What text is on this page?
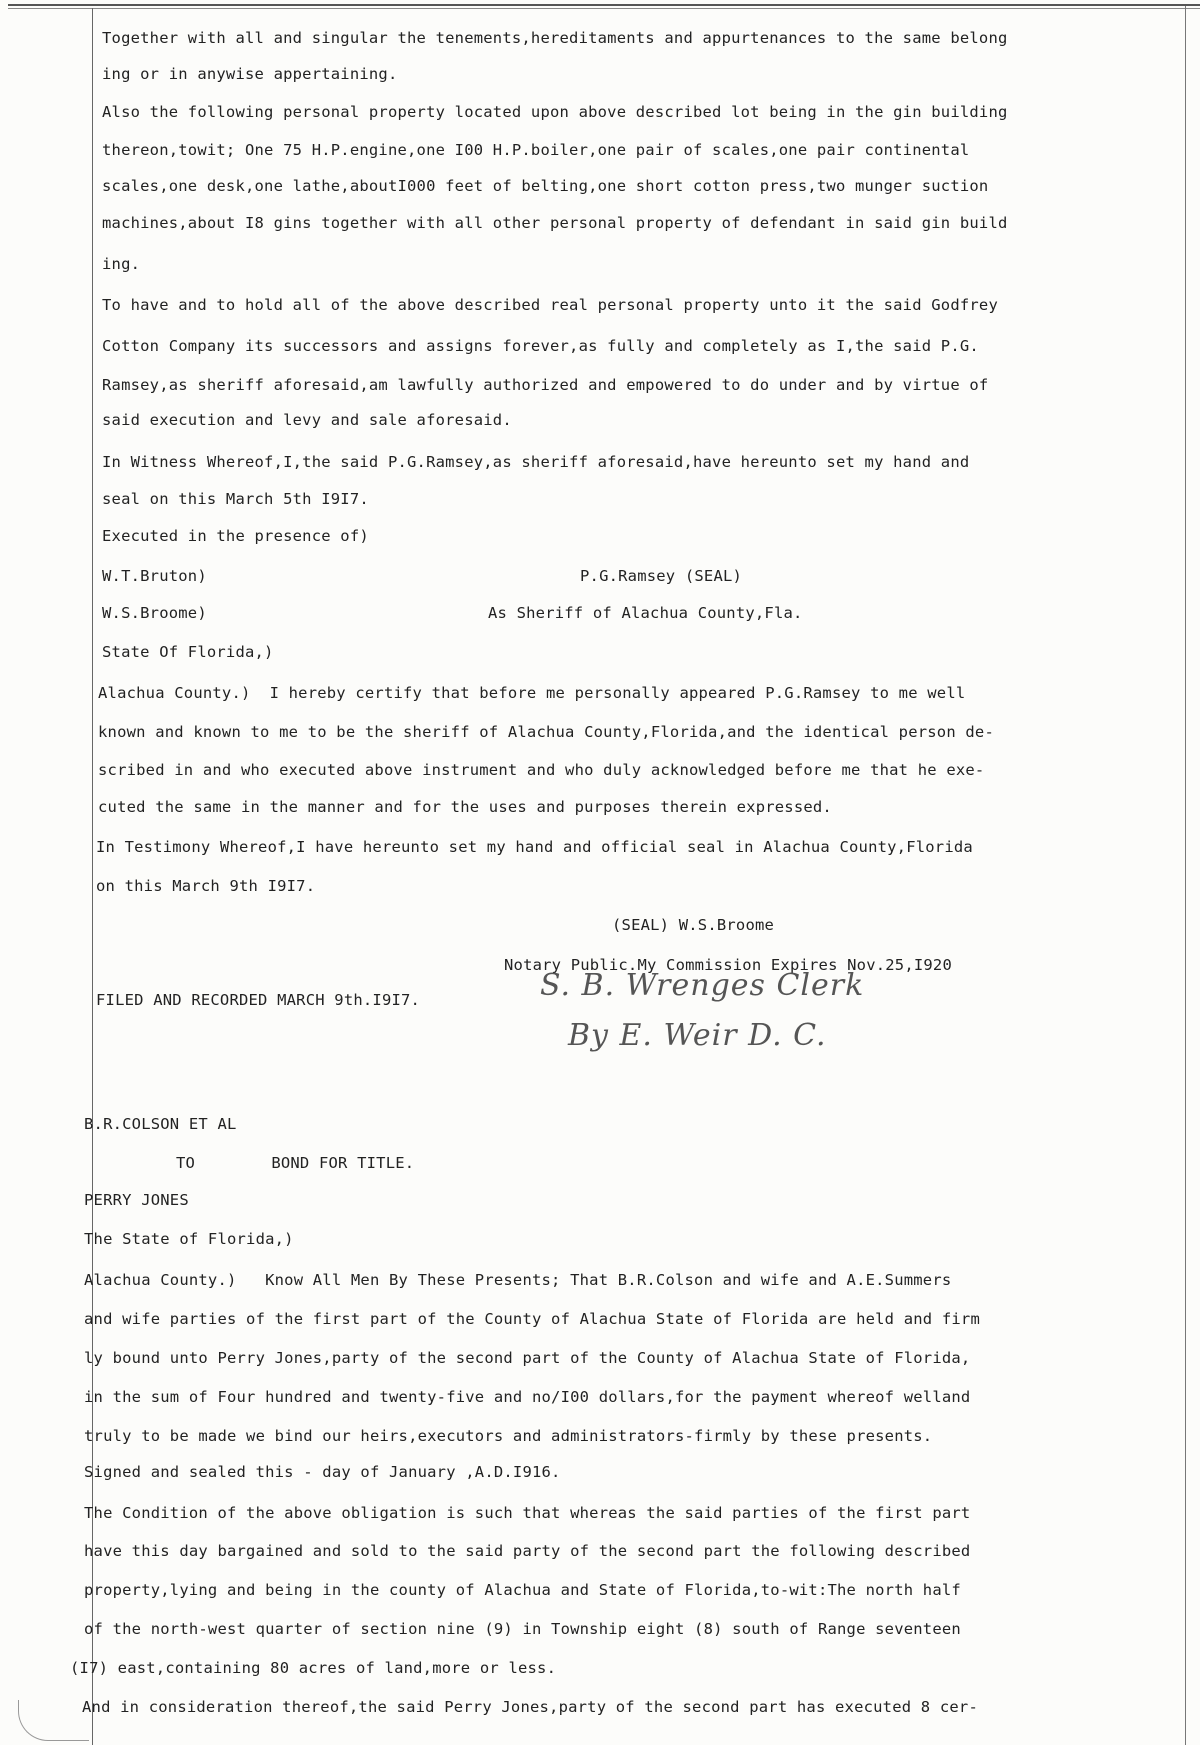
Together with all and singular the tenements,hereditaments and appurtenances to the same belong
ing or in anywise appertaining.
Also the following personal property located upon above described lot being in the gin building
thereon,towit; One 75 H.P.engine,one I00 H.P.boiler,one pair of scales,one pair continental
scales,one desk,one lathe,aboutI000 feet of belting,one short cotton press,two munger suction
machines,about I8 gins together with all other personal property of defendant in said gin build
ing.
To have and to hold all of the above described real personal property unto it the said Godfrey
Cotton Company its successors and assigns forever,as fully and completely as I,the said P.G.
Ramsey,as sheriff aforesaid,am lawfully authorized and empowered to do under and by virtue of
said execution and levy and sale aforesaid.
In Witness Whereof,I,the said P.G.Ramsey,as sheriff aforesaid,have hereunto set my hand and
seal on this March 5th I9I7.
Executed in the presence of)
W.T.Bruton)	P.G.Ramsey (SEAL)
W.S.Broome)	As Sheriff of Alachua County,Fla.
State Of Florida,)
Alachua County.)  I hereby certify that before me personally appeared P.G.Ramsey to me well
known and known to me to be the sheriff of Alachua County,Florida,and the identical person de-
scribed in and who executed above instrument and who duly acknowledged before me that he exe-
cuted the same in the manner and for the uses and purposes therein expressed.
In Testimony Whereof,I have hereunto set my hand and official seal in Alachua County,Florida
on this March 9th I9I7.
(SEAL) W.S.Broome
Notary Public.My Commission Expires Nov.25,I920
FILED AND RECORDED MARCH 9th.I9I7.	S. B. Wrenges Clerk
By E. Weir D. C.
B.R.COLSON ET AL
TO        BOND FOR TITLE.
PERRY JONES
The State of Florida,)
Alachua County.)   Know All Men By These Presents; That B.R.Colson and wife and A.E.Summers
and wife parties of the first part of the County of Alachua State of Florida are held and firm
ly bound unto Perry Jones,party of the second part of the County of Alachua State of Florida,
in the sum of Four hundred and twenty-five and no/I00 dollars,for the payment whereof welland
truly to be made we bind our heirs,executors and administrators-firmly by these presents.
Signed and sealed this - day of January ,A.D.I916.
The Condition of the above obligation is such that whereas the said parties of the first part
have this day bargained and sold to the said party of the second part the following described
property,lying and being in the county of Alachua and State of Florida,to-wit:The north half
of the north-west quarter of section nine (9) in Township eight (8) south of Range seventeen
(I7) east,containing 80 acres of land,more or less.
And in consideration thereof,the said Perry Jones,party of the second part has executed 8 cer-
